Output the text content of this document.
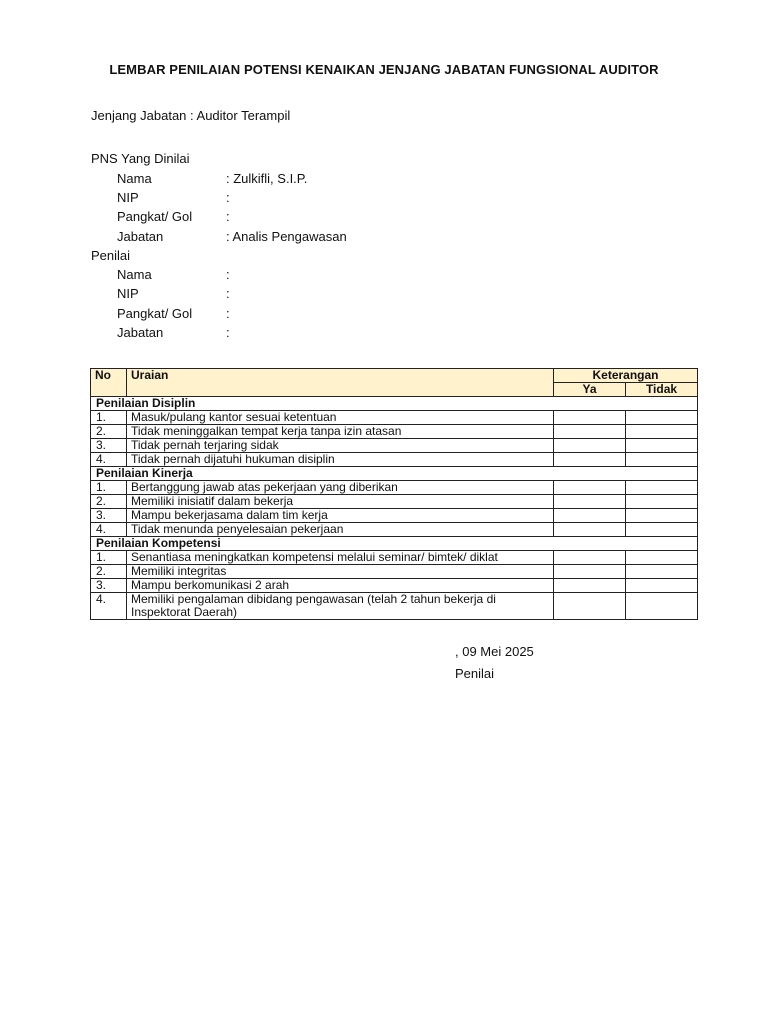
LEMBAR PENILAIAN POTENSI KENAIKAN JENJANG JABATAN FUNGSIONAL AUDITOR
Jenjang Jabatan : Auditor Terampil
PNS Yang Dinilai
Nama	: Zulkifli, S.I.P.
NIP	:
Pangkat/ Gol	:
Jabatan	: Analis Pengawasan
Penilai
Nama	:
NIP	:
Pangkat/ Gol	:
Jabatan	:
No	Uraian	Keterangan	
		Ya	Tidak
Penilaian Disiplin			
1.	Masuk/pulang kantor sesuai ketentuan		
2.	Tidak meninggalkan tempat kerja tanpa izin atasan		
3.	Tidak pernah terjaring sidak		
4.	Tidak pernah dijatuhi hukuman disiplin		
Penilaian Kinerja			
1.	Bertanggung jawab atas pekerjaan yang diberikan		
2.	Memiliki inisiatif dalam bekerja		
3.	Mampu bekerjasama dalam tim kerja		
4.	Tidak menunda penyelesaian pekerjaan		
Penilaian Kompetensi			
1.	Senantiasa meningkatkan kompetensi melalui seminar/ bimtek/ diklat		
2.	Memiliki integritas		
3.	Mampu berkomunikasi 2 arah		
4.	Memiliki pengalaman dibidang pengawasan (telah 2 tahun bekerja di Inspektorat Daerah)		
, 09 Mei 2025
Penilai
